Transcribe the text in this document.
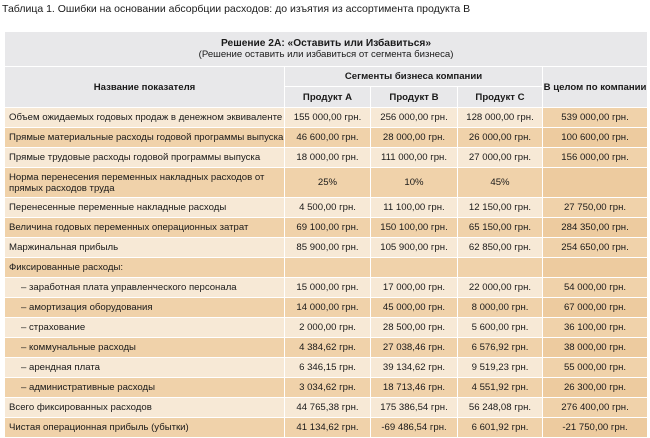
Таблица 1. Ошибки на основании абсорбции расходов: до изъятия из ассортимента продукта В
Решение 2А: «Оставить или Избавиться»
(Решение оставить или избавиться от сегмента бизнеса)				

Название показателя	Сегменты бизнеса компании			В целом по компании
	Продукт А	Продукт В	Продукт С	
Объем ожидаемых годовых продаж в денежном эквиваленте	155 000,00 грн.	256 000,00 грн.	128 000,00 грн.	539 000,00 грн.
Прямые материальные расходы годовой программы выпуска	46 600,00 грн.	28 000,00 грн.	26 000,00 грн.	100 600,00 грн.
Прямые трудовые расходы годовой программы выпуска	18 000,00 грн.	111 000,00 грн.	27 000,00 грн.	156 000,00 грн.
Норма перенесения переменных накладных расходов от прямых расходов труда	25%	10%	45%	
Перенесенные переменные накладные расходы	4 500,00 грн.	11 100,00 грн.	12 150,00 грн.	27 750,00 грн.
Величина годовых переменных операционных затрат	69 100,00 грн.	150 100,00 грн.	65 150,00 грн.	284 350,00 грн.
Маржинальная прибыль	85 900,00 грн.	105 900,00 грн.	62 850,00 грн.	254 650,00 грн.
Фиксированные расходы:				
– заработная плата управленческого персонала	15 000,00 грн.	17 000,00 грн.	22 000,00 грн.	54 000,00 грн.
– амортизация оборудования	14 000,00 грн.	45 000,00 грн.	8 000,00 грн.	67 000,00 грн.
– страхование	2 000,00 грн.	28 500,00 грн.	5 600,00 грн.	36 100,00 грн.
– коммунальные расходы	4 384,62 грн.	27 038,46 грн.	6 576,92 грн.	38 000,00 грн.
– арендная плата	6 346,15 грн.	39 134,62 грн.	9 519,23 грн.	55 000,00 грн.
– административные расходы	3 034,62 грн.	18 713,46 грн.	4 551,92 грн.	26 300,00 грн.
Всего фиксированных расходов	44 765,38 грн.	175 386,54 грн.	56 248,08 грн.	276 400,00 грн.
Чистая операционная прибыль (убытки)	41 134,62 грн.	-69 486,54 грн.	6 601,92 грн.	-21 750,00 грн.
